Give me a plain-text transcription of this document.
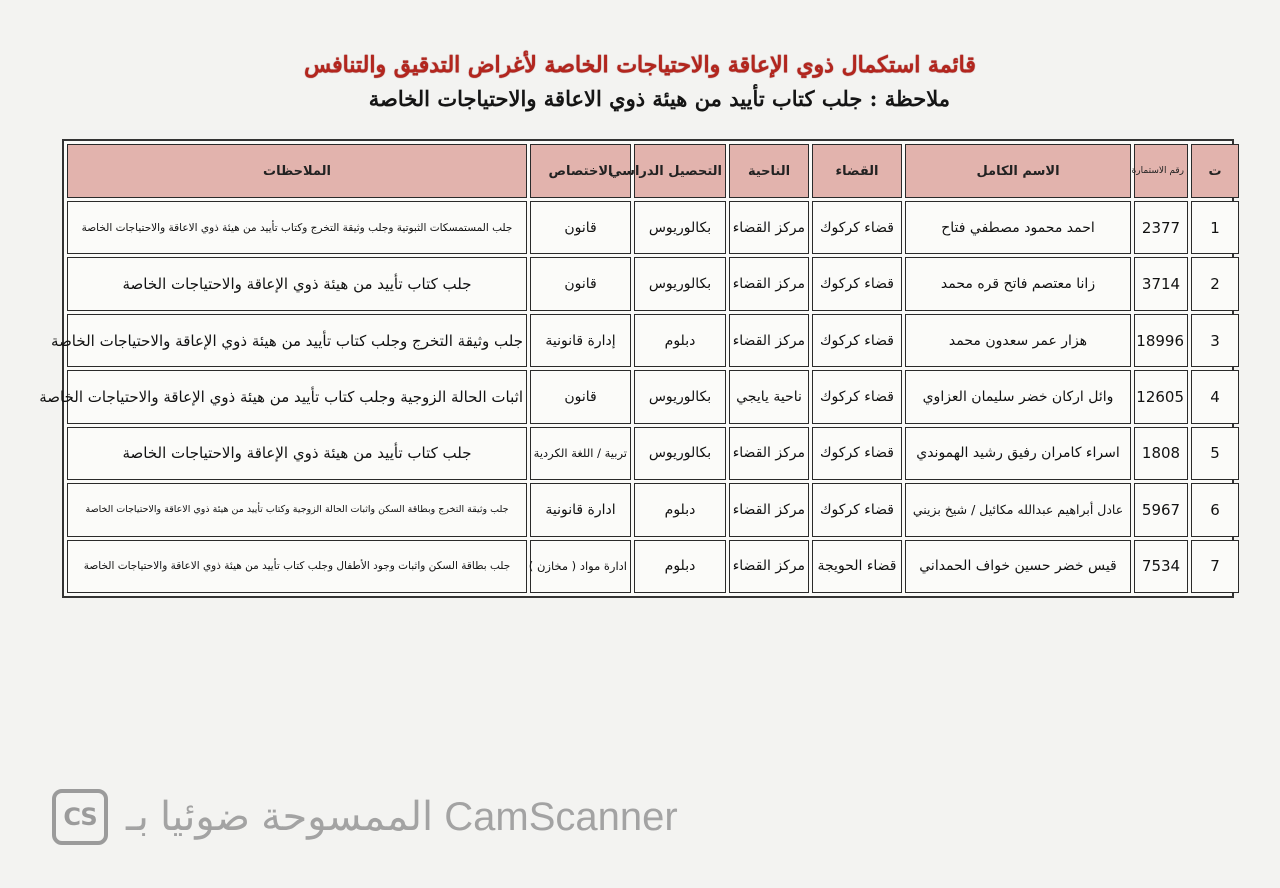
قائمة استكمال ذوي الإعاقة والاحتياجات الخاصة لأغراض التدقيق والتنافس
ملاحظة : جلب كتاب تأييد من هيئة ذوي الاعاقة والاحتياجات الخاصة
ت	رقم الاستمارة	الاسم الكامل	القضاء	الناحية	التحصيل الدراسي	الاختصاص	الملاحظات
1	2377	احمد محمود مصطفي فتاح	قضاء كركوك	مركز القضاء	بكالوريوس	قانون	جلب المستمسكات الثبوتية وجلب وثيقة التخرج وكتاب تأييد من هيئة ذوي الاعاقة والاحتياجات الخاصة
2	3714	زانا معتصم فاتح قره محمد	قضاء كركوك	مركز القضاء	بكالوريوس	قانون	جلب كتاب تأييد من هيئة ذوي الإعاقة والاحتياجات الخاصة
3	18996	هزار عمر سعدون محمد	قضاء كركوك	مركز القضاء	دبلوم	إدارة قانونية	جلب وثيقة التخرج وجلب كتاب تأييد من هيئة ذوي الإعاقة والاحتياجات الخاصة
4	12605	وائل اركان خضر سليمان العزاوي	قضاء كركوك	ناحية يايجي	بكالوريوس	قانون	اثبات الحالة الزوجية وجلب كتاب تأييد من هيئة ذوي الإعاقة والاحتياجات الخاصة
5	1808	اسراء كامران رفيق رشيد الهموندي	قضاء كركوك	مركز القضاء	بكالوريوس	تربية / اللغة الكردية	جلب كتاب تأييد من هيئة ذوي الإعاقة والاحتياجات الخاصة
6	5967	عادل أبراهيم عبدالله مكائيل / شيخ بزيني	قضاء كركوك	مركز القضاء	دبلوم	ادارة قانونية	جلب وثيقة التخرج وبطاقة السكن واثبات الحالة الزوجية وكتاب تأييد من هيئة ذوي الاعاقة والاحتياجات الخاصة
7	7534	قيس خضر حسين خواف الحمداني	قضاء الحويجة	مركز القضاء	دبلوم	ادارة مواد ( مخازن )	جلب بطاقة السكن واثبات وجود الأطفال وجلب كتاب تأييد من هيئة ذوي الاعاقة والاحتياجات الخاصة
CS CamScanner الممسوحة ضوئيا بـ
